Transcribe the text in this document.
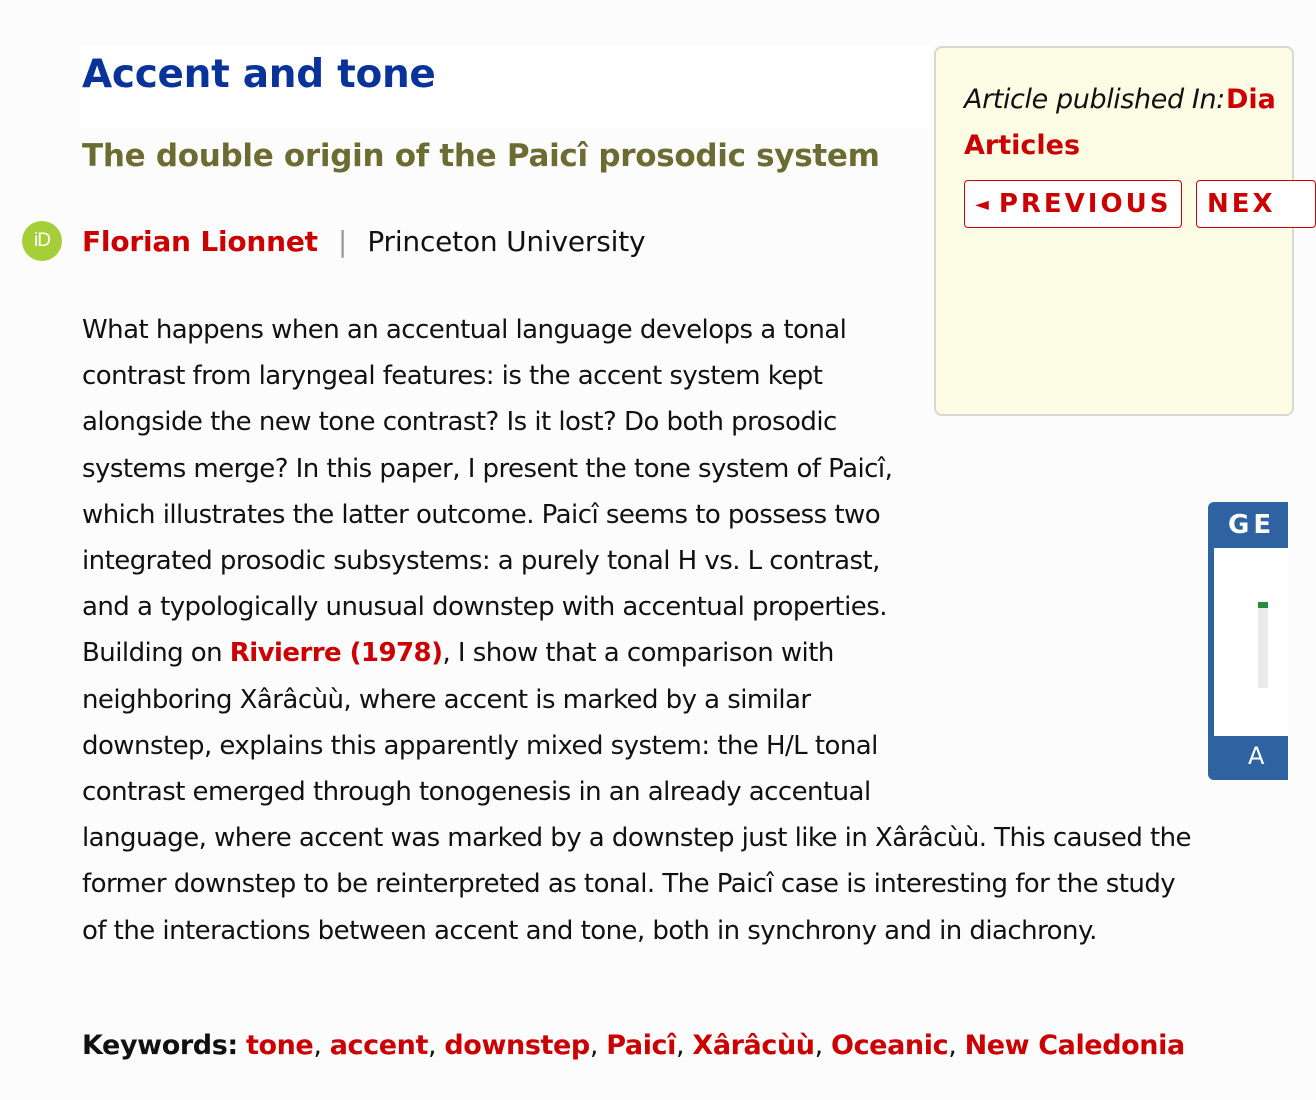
Accent and tone
The double origin of the Paicî prosodic system
iD	Florian Lionnet | Princeton University

What happens when an accentual language develops a tonal contrast from laryngeal features: is the accent system kept alongside the new tone contrast? Is it lost? Do both prosodic systems merge? In this paper, I present the tone system of Paicî, which illustrates the latter outcome. Paicî seems to possess two integrated prosodic subsystems: a purely tonal H vs. L contrast, and a typologically unusual downstep with accentual properties. Building on Rivierre (1978), I show that a comparison with neighboring Xârâcùù, where accent is marked by a similar downstep, explains this apparently mixed system: the H/L tonal contrast emerged through tonogenesis in an already accentual language, where accent was marked by a downstep just like in Xârâcùù. This caused the former downstep to be reinterpreted as tonal. The Paicî case is interesting for the study of the interactions between accent and tone, both in synchrony and in diachrony.

Keywords: tone, accent, downstep, Paicî, Xârâcùù, Oceanic, New Caledonia

Article published In: Dia
Articles
◄ PREVIOUS NEX
GE
A
